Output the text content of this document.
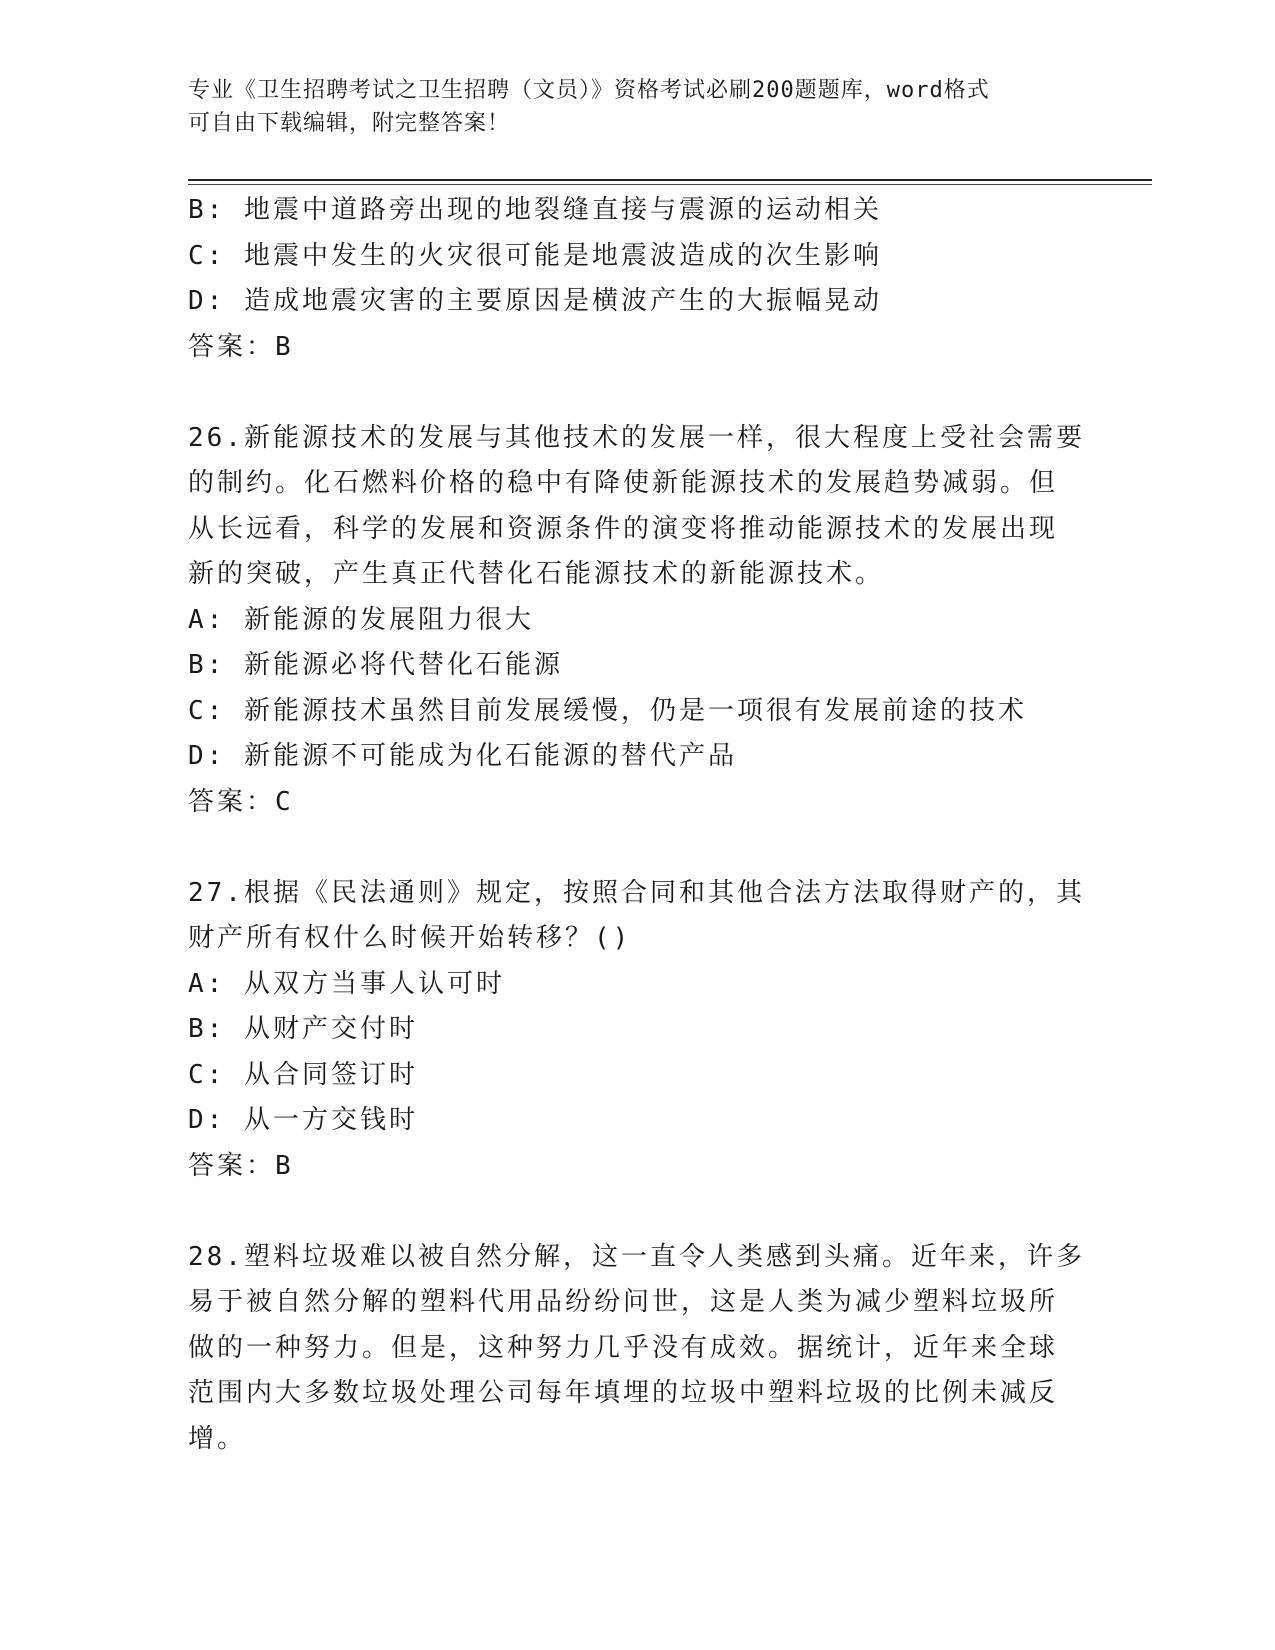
专业《卫生招聘考试之卫生招聘（文员）》资格考试必刷200题题库，word格式
可自由下载编辑，附完整答案！
B: 地震中道路旁出现的地裂缝直接与震源的运动相关
C: 地震中发生的火灾很可能是地震波造成的次生影响
D: 造成地震灾害的主要原因是横波产生的大振幅晃动
答案：B
26.新能源技术的发展与其他技术的发展一样，很大程度上受社会需要
的制约。化石燃料价格的稳中有降使新能源技术的发展趋势减弱。但
从长远看，科学的发展和资源条件的演变将推动能源技术的发展出现
新的突破，产生真正代替化石能源技术的新能源技术。
A: 新能源的发展阻力很大
B: 新能源必将代替化石能源
C: 新能源技术虽然目前发展缓慢，仍是一项很有发展前途的技术
D: 新能源不可能成为化石能源的替代产品
答案：C
27.根据《民法通则》规定，按照合同和其他合法方法取得财产的，其
财产所有权什么时候开始转移？()
A: 从双方当事人认可时
B: 从财产交付时
C: 从合同签订时
D: 从一方交钱时
答案：B
28.塑料垃圾难以被自然分解，这一直令人类感到头痛。近年来，许多
易于被自然分解的塑料代用品纷纷问世，这是人类为减少塑料垃圾所
做的一种努力。但是，这种努力几乎没有成效。据统计，近年来全球
范围内大多数垃圾处理公司每年填埋的垃圾中塑料垃圾的比例未减反
增。
